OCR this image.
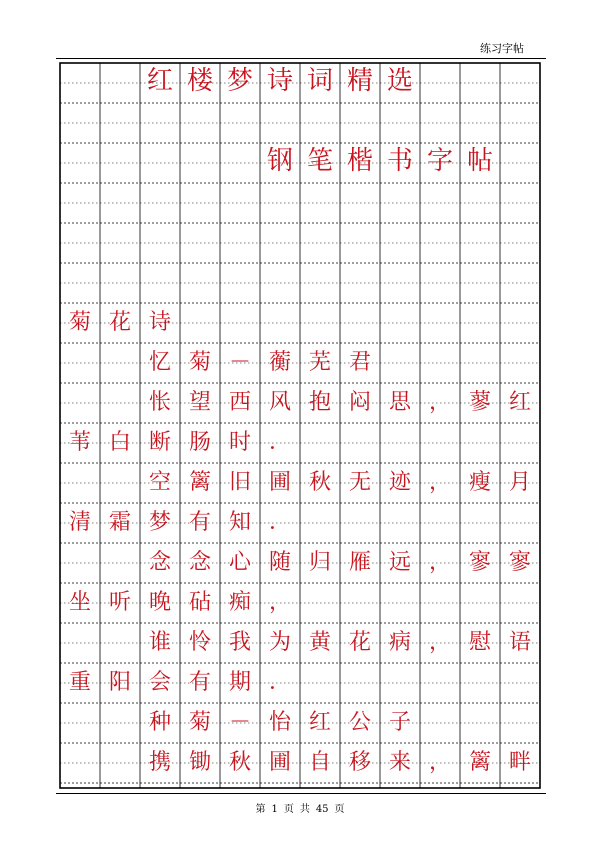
练习字帖
红 楼 梦 诗 词 精 选
钢 笔 楷 书 字 帖
菊 花 诗
忆 菊 － 蘅 芜 君
怅 望 西 风 抱 闷 思 ， 蓼 红
苇 白 断 肠 时 ．
空 篱 旧 圃 秋 无 迹 ， 瘦 月
清 霜 梦 有 知 ．
念 念 心 随 归 雁 远 ， 寥 寥
坐 听 晚 砧 痴 ，
谁 怜 我 为 黄 花 病 ， 慰 语
重 阳 会 有 期 ．
种 菊 － 怡 红 公 子
携 锄 秋 圃 自 移 来 ， 篱 畔
第 1 页 共 45 页
